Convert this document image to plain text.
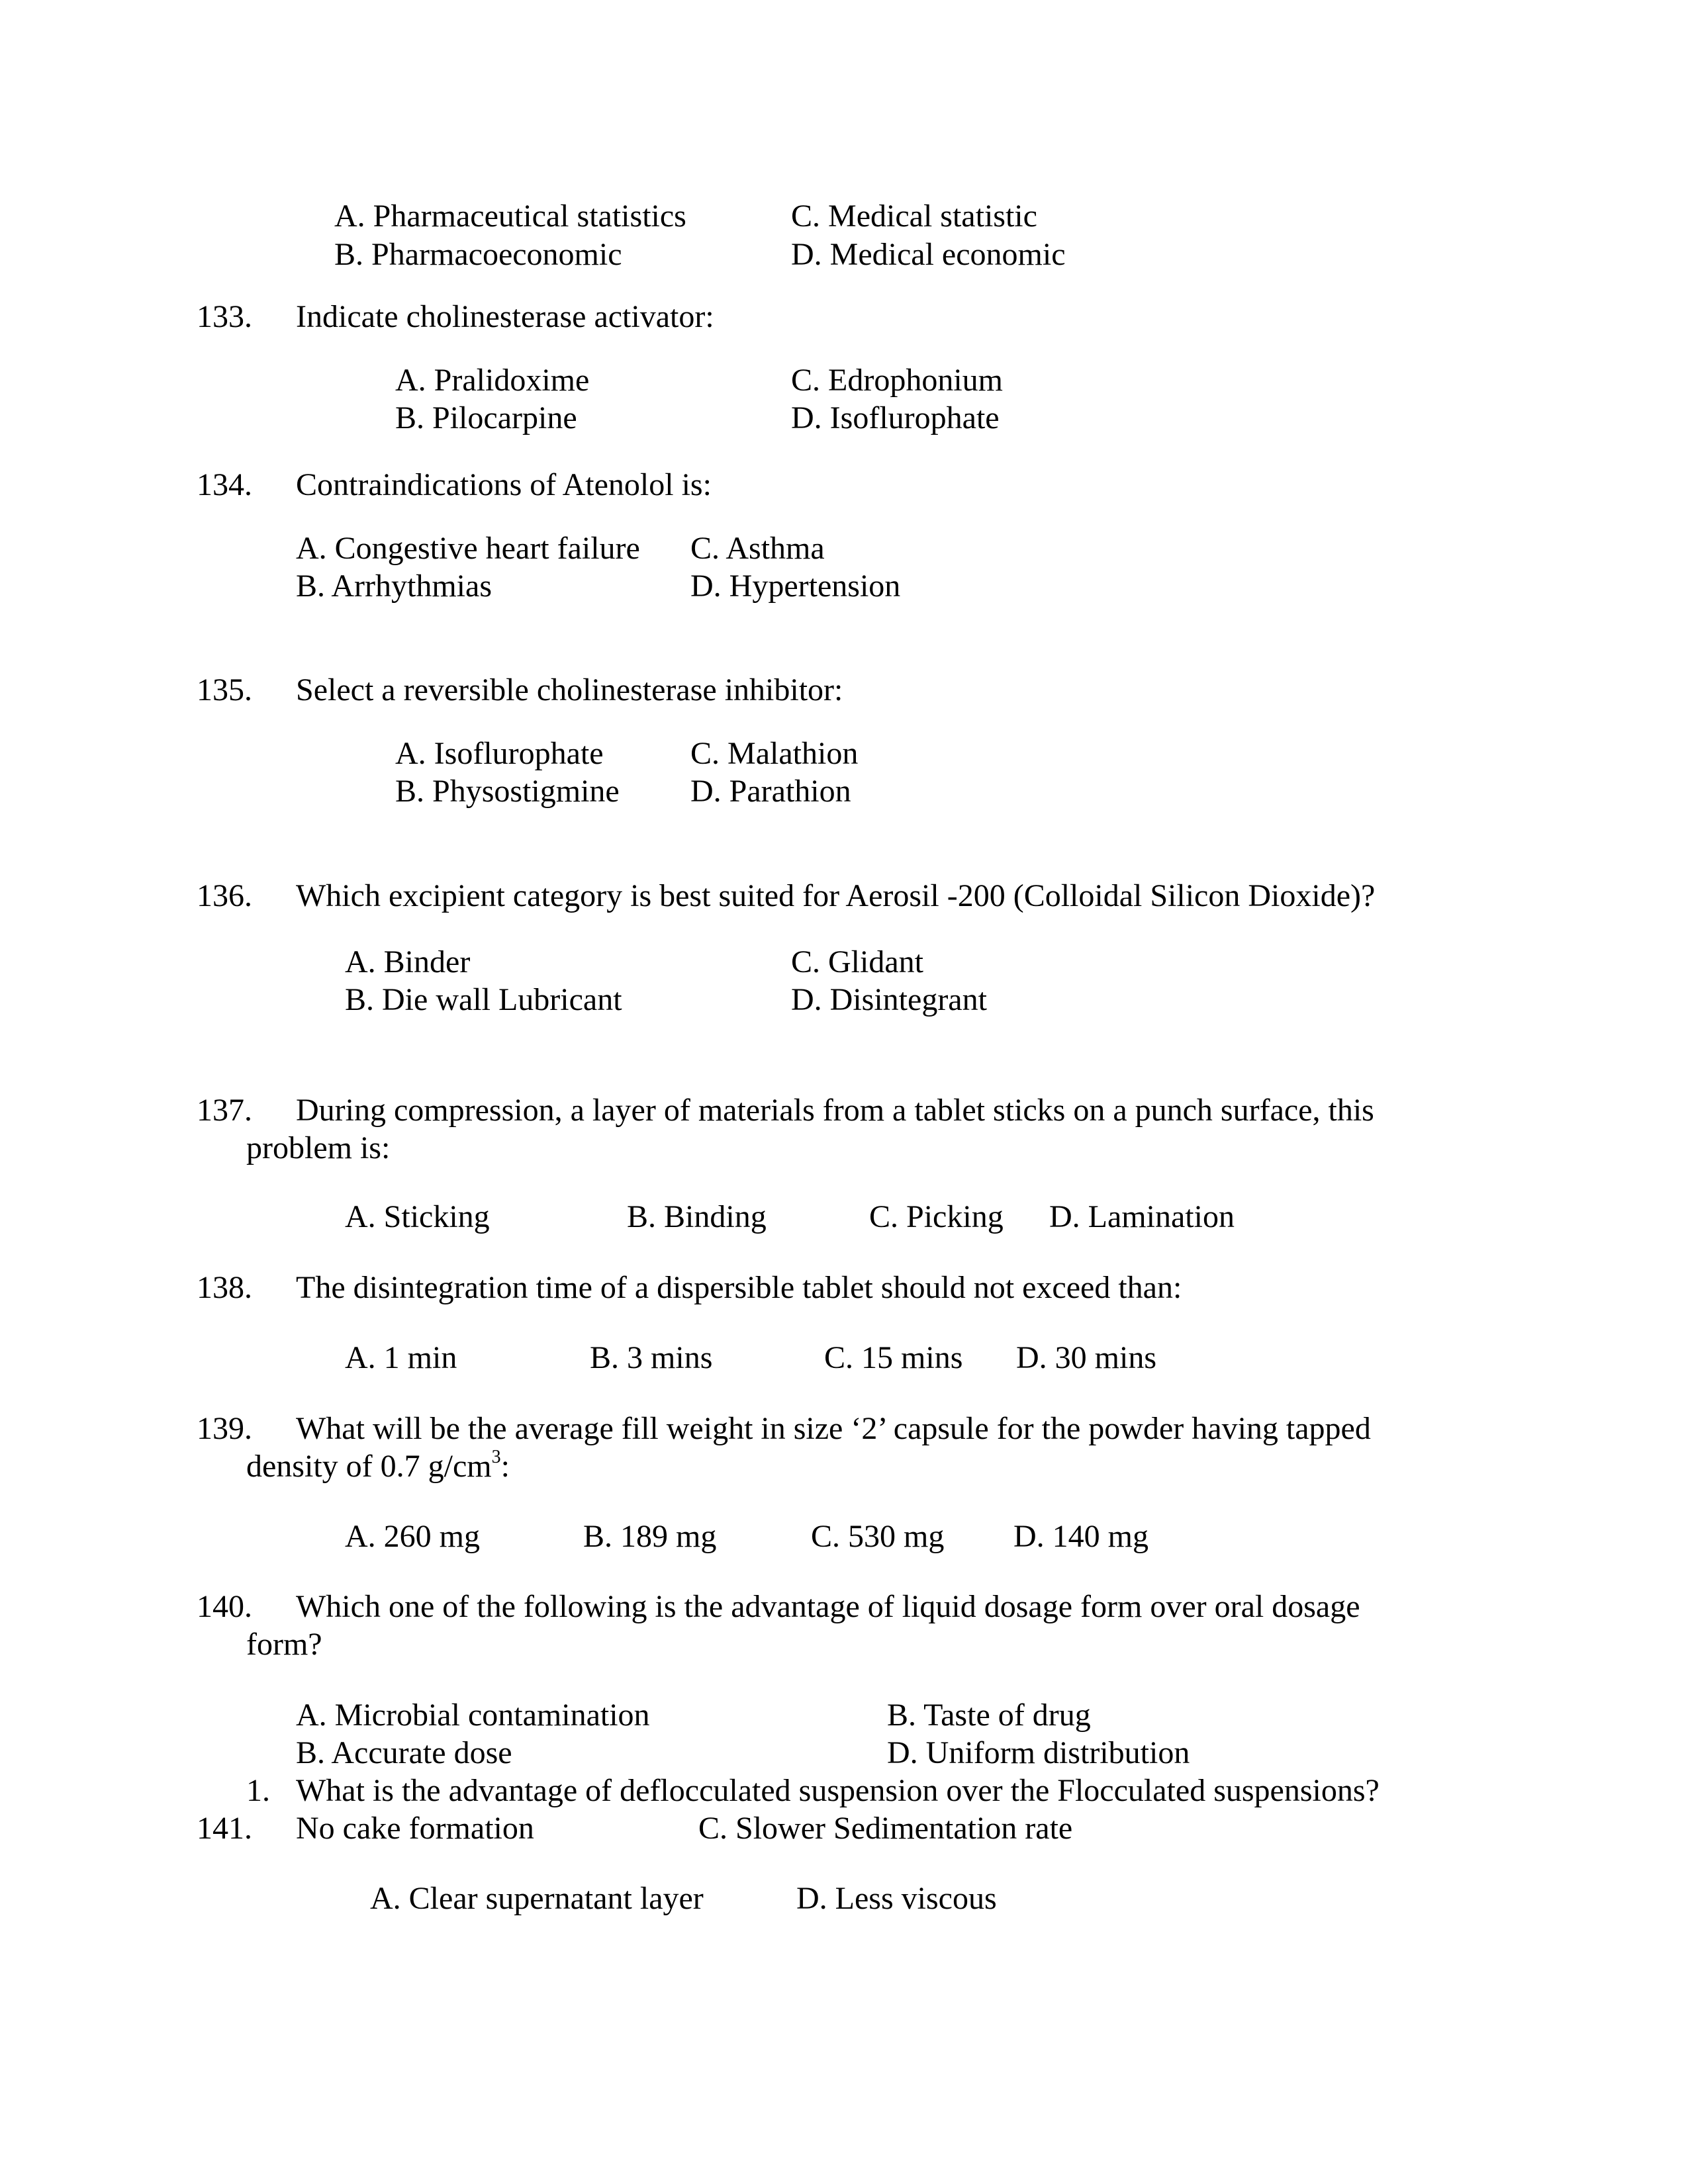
A. Pharmaceutical statistics	C. Medical statistic
B. Pharmacoeconomic	D. Medical economic
133. Indicate cholinesterase activator:
A. Pralidoxime	C. Edrophonium
B. Pilocarpine	D. Isoflurophate
134. Contraindications of Atenolol is:
A. Congestive heart failure C. Asthma
B. Arrhythmias	D. Hypertension
135. Select a reversible cholinesterase inhibitor:
A. Isoflurophate	C. Malathion
B. Physostigmine D. Parathion
136. Which excipient category is best suited for Aerosil -200 (Colloidal Silicon Dioxide)?
A. Binder	C. Glidant
B. Die wall Lubricant	D. Disintegrant
137. During compression, a layer of materials from a tablet sticks on a punch surface, this
problem is:
A. Sticking	B. Binding	C. Picking D. Lamination
138. The disintegration time of a dispersible tablet should not exceed than:
A. 1 min	B. 3 mins	C. 15 mins D. 30 mins
139. What will be the average fill weight in size ‘2’ capsule for the powder having tapped
density of 0.7 $g/cm^3$:
A. 260 mg	B. 189 mg	C. 530 mg D. 140 mg
140. Which one of the following is the advantage of liquid dosage form over oral dosage
form?
A. Microbial contamination	B. Taste of drug
B. Accurate dose	D. Uniform distribution
1. What is the advantage of deflocculated suspension over the Flocculated suspensions?
141. No cake formation	C. Slower Sedimentation rate
A. Clear supernatant layer	D. Less viscous
